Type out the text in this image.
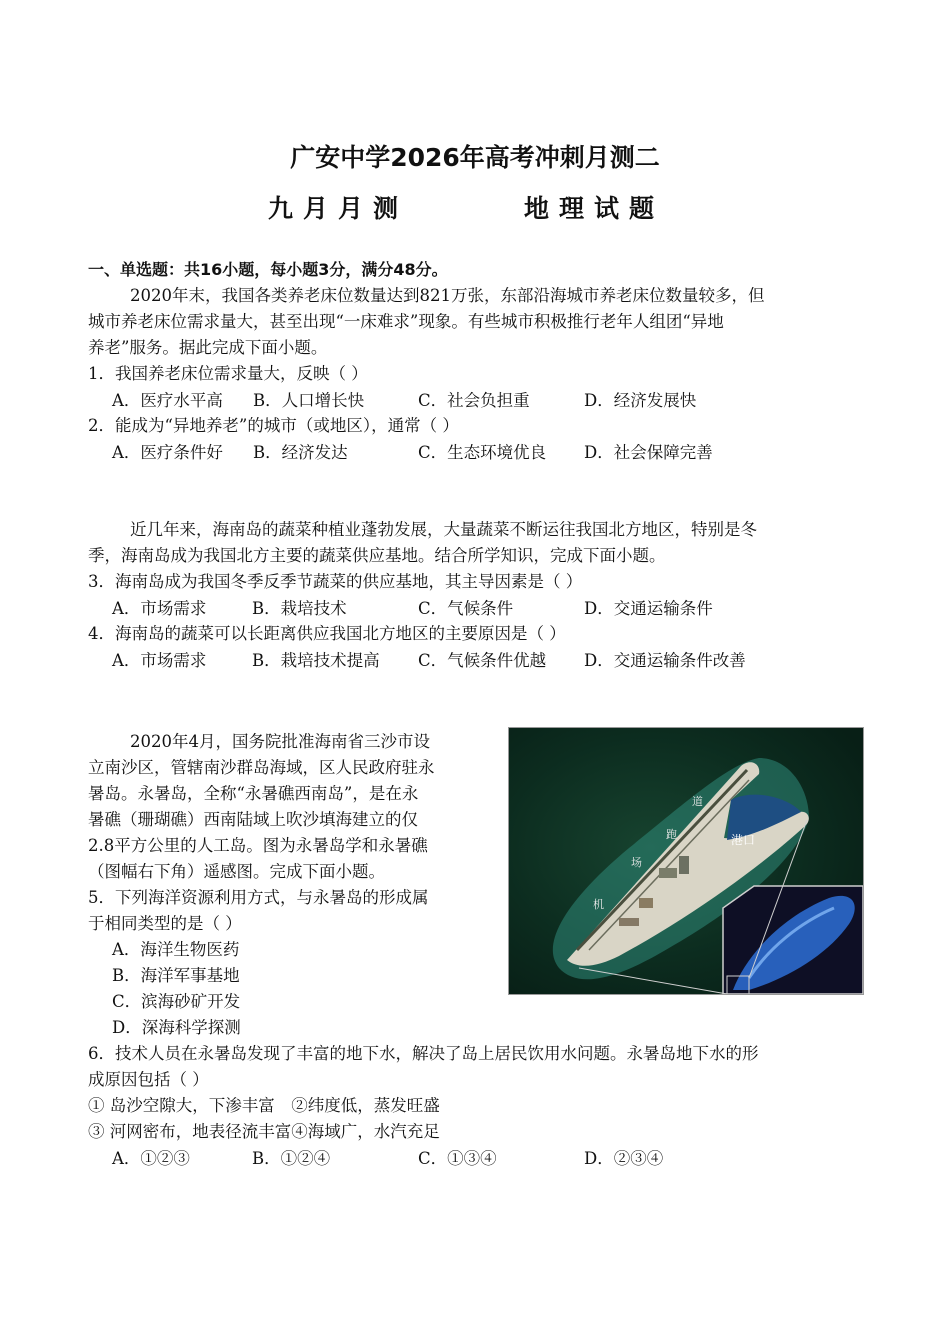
广安中学2026年高考冲刺月测二
九月月测	地理试题
一、单选题：共16小题，每小题3分，满分48分。
2020年末，我国各类养老床位数量达到821万张，东部沿海城市养老床位数量较多，但
城市养老床位需求量大，甚至出现“一床难求”现象。有些城市积极推行老年人组团“异地
养老”服务。据此完成下面小题。
1．我国养老床位需求量大，反映（ ）
A．医疗水平高 B．人口增长快	C．社会负担重	D．经济发展快
2．能成为“异地养老”的城市（或地区），通常（ ）
A．医疗条件好 B．经济发达	C．生态环境优良 D．社会保障完善
近几年来，海南岛的蔬菜种植业蓬勃发展，大量蔬菜不断运往我国北方地区，特别是冬
季，海南岛成为我国北方主要的蔬菜供应基地。结合所学知识，完成下面小题。
3．海南岛成为我国冬季反季节蔬菜的供应基地，其主导因素是（ ）
A．市场需求	B．栽培技术	C．气候条件	D．交通运输条件
4．海南岛的蔬菜可以长距离供应我国北方地区的主要原因是（ ）
A．市场需求	B．栽培技术提高 C．气候条件优越 D．交通运输条件改善
2020年4月，国务院批准海南省三沙市设
立南沙区，管辖南沙群岛海域，区人民政府驻永
暑岛。永暑岛，全称“永暑礁西南岛”，是在永
暑礁（珊瑚礁）西南陆域上吹沙填海建立的仅
2.8平方公里的人工岛。图为永暑岛学和永暑礁
（图幅右下角）遥感图。完成下面小题。
5．下列海洋资源利用方式，与永暑岛的形成属
于相同类型的是（ ）
A．海洋生物医药
B．海洋军事基地
C．滨海砂矿开发
D．深海科学探测
机
场
跑
道
港口
6．技术人员在永暑岛发现了丰富的地下水，解决了岛上居民饮用水问题。永暑岛地下水的形
成原因包括（ ）
① 岛沙空隙大，下渗丰富　②纬度低，蒸发旺盛
③ 河网密布，地表径流丰富④海域广，水汽充足
A．①②③	B．①②④	C．①③④	D．②③④
